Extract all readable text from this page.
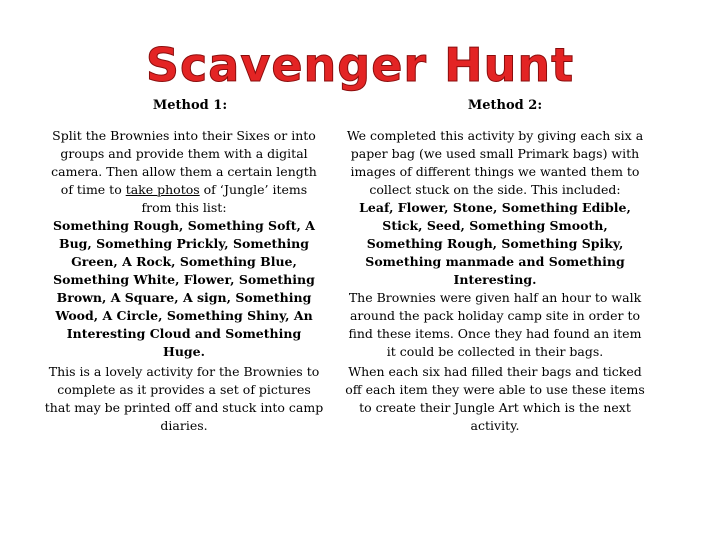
Scavenger Hunt
Method 1:	Method 2:

Split the Brownies into their Sixes or into groups and provide them with a digital camera. Then allow them a certain length of time to take photos of ‘Jungle’ items from this list:

Something Rough, Something Soft, A Bug, Something Prickly, Something Green, A Rock, Something Blue, Something White, Flower, Something Brown, A Square, A sign, Something Wood, A Circle, Something Shiny, An Interesting Cloud and Something Huge.

We completed this activity by giving each six a paper bag (we used small Primark bags) with images of different things we wanted them to collect stuck on the side. This included:

Leaf, Flower, Stone, Something Edible, Stick, Seed, Something Smooth, Something Rough, Something Spiky, Something manmade and Something Interesting.

The Brownies were given half an hour to walk around the pack holiday camp site in order to find these items. Once they had found an item it could be collected in their bags.

This is a lovely activity for the Brownies to complete as it provides a set of pictures that may be printed off and stuck into camp diaries.

When each six had filled their bags and ticked off each item they were able to use these items to create their Jungle Art which is the next activity.
